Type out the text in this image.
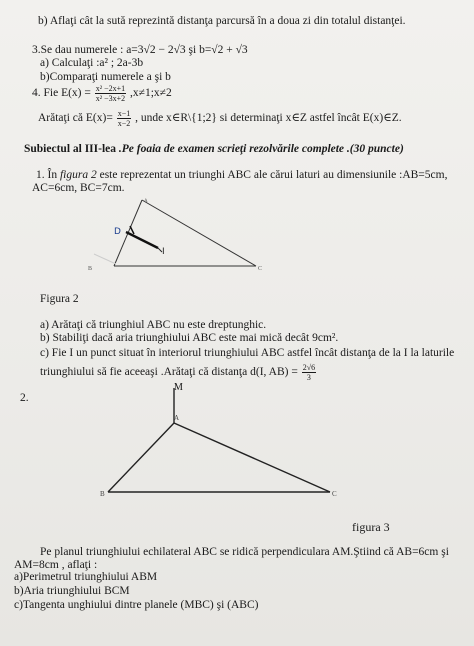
b) Aflaţi cât la sută reprezintă distanţa parcursă în a doua zi din totalul distanţei.
3.Se dau numerele : a=3√2 − 2√3 şi b=√2 + √3
a) Calculaţi :a² ; 2a-3b
b)Comparaţi numerele a şi b
4. Fie $E(x) = \frac{\text{x² −2x+1}}{\text{x² −3x+2}}$ ,x≠1;x≠2
Arătaţi că $E(x)= \frac{x-1}{x-2}$ , unde x∈R\{1;2} si determinaţi x∈Z astfel încât E(x)∈Z.
Subiectul al III-lea .Pe foaia de examen scrieţi rezolvările complete .(30 puncte)
1. În figura 2 este reprezentat un triunghi ABC ale cărui laturi au dimensiunile :AB=5cm,
AC=6cm, BC=7cm.
A
D
I
B	C
Figura 2
a) Arătaţi că triunghiul ABC nu este dreptunghic.
b) Stabiliţi dacă aria triunghiului ABC este mai mică decât 9cm².
c) Fie I un punct situat în interiorul triunghiului ABC astfel încât distanţa de la I la laturile
triunghiului să fie aceeaşi .Arătaţi că distanţa d(I, $AB) = \frac{2√6}{3}$
2.
M
A
B	C
figura 3
Pe planul triunghiului echilateral ABC se ridică perpendiculara AM.Ştiind că AB=6cm şi
AM=8cm , aflaţi :
a)Perimetrul triunghiului ABM
b)Aria triunghiului BCM
c)Tangenta unghiului dintre planele (MBC) şi (ABC)
